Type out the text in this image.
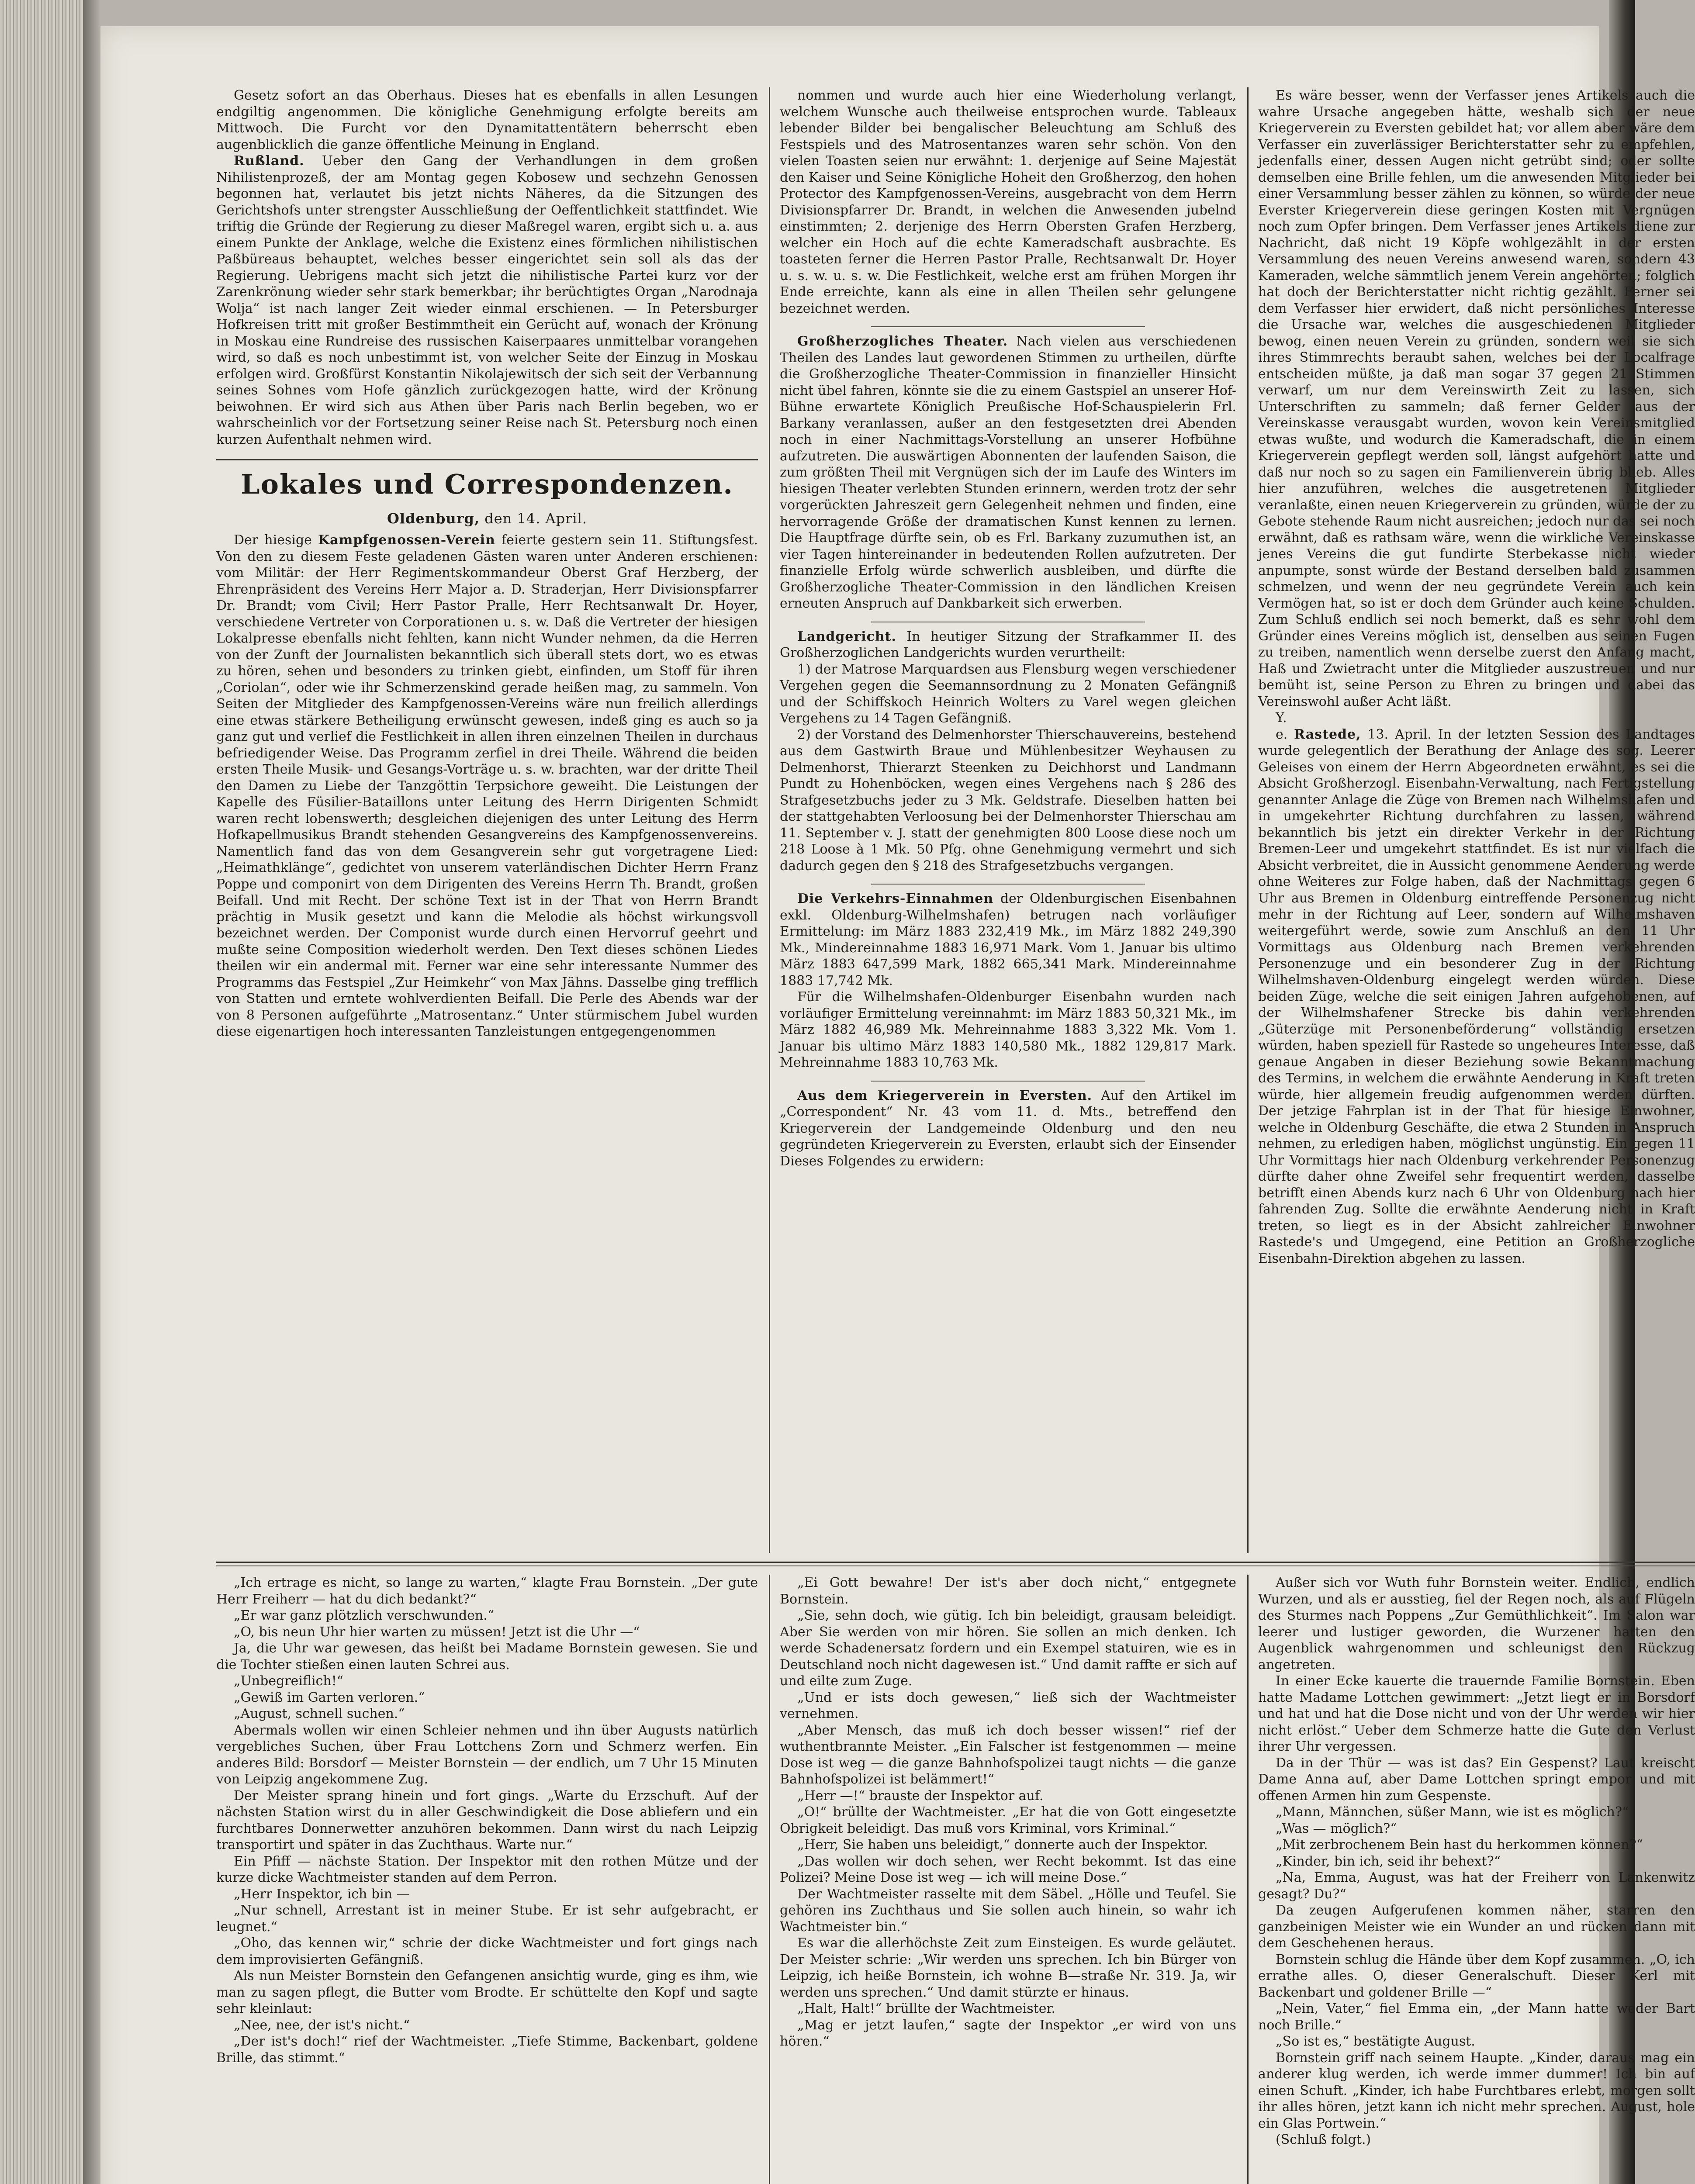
Gesetz sofort an das Oberhaus. Dieses hat es ebenfalls in allen Lesungen endgiltig angenommen. Die königliche Genehmigung erfolgte bereits am Mittwoch. Die Furcht vor den Dynamitattentätern beherrscht eben augenblicklich die ganze öffentliche Meinung in England.

Rußland. Ueber den Gang der Verhandlungen in dem großen Nihilistenprozeß, der am Montag gegen Kobosew und sechzehn Genossen begonnen hat, verlautet bis jetzt nichts Näheres, da die Sitzungen des Gerichtshofs unter strengster Ausschließung der Oeffentlichkeit stattfindet. Wie triftig die Gründe der Regierung zu dieser Maßregel waren, ergibt sich u. a. aus einem Punkte der Anklage, welche die Existenz eines förmlichen nihilistischen Paßbüreaus behauptet, welches besser eingerichtet sein soll als das der Regierung. Uebrigens macht sich jetzt die nihilistische Partei kurz vor der Zarenkrönung wieder sehr stark bemerkbar; ihr berüchtigtes Organ „Narodnaja Wolja“ ist nach langer Zeit wieder einmal erschienen. — In Petersburger Hofkreisen tritt mit großer Bestimmtheit ein Gerücht auf, wonach der Krönung in Moskau eine Rundreise des russischen Kaiserpaares unmittelbar vorangehen wird, so daß es noch unbestimmt ist, von welcher Seite der Einzug in Moskau erfolgen wird. Großfürst Konstantin Nikolajewitsch der sich seit der Verbannung seines Sohnes vom Hofe gänzlich zurückgezogen hatte, wird der Krönung beiwohnen. Er wird sich aus Athen über Paris nach Berlin begeben, wo er wahrscheinlich vor der Fortsetzung seiner Reise nach St. Petersburg noch einen kurzen Aufenthalt nehmen wird.

Lokales und Correspondenzen.
Oldenburg, den 14. April.

Der hiesige Kampfgenossen-Verein feierte gestern sein 11. Stiftungsfest. Von den zu diesem Feste geladenen Gästen waren unter Anderen erschienen: vom Militär: der Herr Regimentskommandeur Oberst Graf Herzberg, der Ehrenpräsident des Vereins Herr Major a. D. Straderjan, Herr Divisionspfarrer Dr. Brandt; vom Civil; Herr Pastor Pralle, Herr Rechtsanwalt Dr. Hoyer, verschiedene Vertreter von Corporationen u. s. w. Daß die Vertreter der hiesigen Lokalpresse ebenfalls nicht fehlten, kann nicht Wunder nehmen, da die Herren von der Zunft der Journalisten bekanntlich sich überall stets dort, wo es etwas zu hören, sehen und besonders zu trinken giebt, einfinden, um Stoff für ihren „Coriolan“, oder wie ihr Schmerzenskind gerade heißen mag, zu sammeln. Von Seiten der Mitglieder des Kampfgenossen-Vereins wäre nun freilich allerdings eine etwas stärkere Betheiligung erwünscht gewesen, indeß ging es auch so ja ganz gut und verlief die Festlichkeit in allen ihren einzelnen Theilen in durchaus befriedigender Weise. Das Programm zerfiel in drei Theile. Während die beiden ersten Theile Musik- und Gesangs-Vorträge u. s. w. brachten, war der dritte Theil den Damen zu Liebe der Tanzgöttin Terpsichore geweiht. Die Leistungen der Kapelle des Füsilier-Bataillons unter Leitung des Herrn Dirigenten Schmidt waren recht lobenswerth; desgleichen diejenigen des unter Leitung des Herrn Hofkapellmusikus Brandt stehenden Gesangvereins des Kampfgenossenvereins. Namentlich fand das von dem Gesangverein sehr gut vorgetragene Lied: „Heimathklänge“, gedichtet von unserem vaterländischen Dichter Herrn Franz Poppe und componirt von dem Dirigenten des Vereins Herrn Th. Brandt, großen Beifall. Und mit Recht. Der schöne Text ist in der That von Herrn Brandt prächtig in Musik gesetzt und kann die Melodie als höchst wirkungsvoll bezeichnet werden. Der Componist wurde durch einen Hervorruf geehrt und mußte seine Composition wiederholt werden. Den Text dieses schönen Liedes theilen wir ein andermal mit. Ferner war eine sehr interessante Nummer des Programms das Festspiel „Zur Heimkehr“ von Max Jähns. Dasselbe ging trefflich von Statten und erntete wohlverdienten Beifall. Die Perle des Abends war der von 8 Personen aufgeführte „Matrosentanz.“ Unter stürmischem Jubel wurden diese eigenartigen hoch interessanten Tanzleistungen entgegengenommen

nommen und wurde auch hier eine Wiederholung verlangt, welchem Wunsche auch theilweise entsprochen wurde. Tableaux lebender Bilder bei bengalischer Beleuchtung am Schluß des Festspiels und des Matrosentanzes waren sehr schön. Von den vielen Toasten seien nur erwähnt: 1. derjenige auf Seine Majestät den Kaiser und Seine Königliche Hoheit den Großherzog, den hohen Protector des Kampfgenossen-Vereins, ausgebracht von dem Herrn Divisionspfarrer Dr. Brandt, in welchen die Anwesenden jubelnd einstimmten; 2. derjenige des Herrn Obersten Grafen Herzberg, welcher ein Hoch auf die echte Kameradschaft ausbrachte. Es toasteten ferner die Herren Pastor Pralle, Rechtsanwalt Dr. Hoyer u. s. w. u. s. w. Die Festlichkeit, welche erst am frühen Morgen ihr Ende erreichte, kann als eine in allen Theilen sehr gelungene bezeichnet werden.

Großherzogliches Theater. Nach vielen aus verschiedenen Theilen des Landes laut gewordenen Stimmen zu urtheilen, dürfte die Großherzogliche Theater-Commission in finanzieller Hinsicht nicht übel fahren, könnte sie die zu einem Gastspiel an unserer Hof-Bühne erwartete Königlich Preußische Hof-Schauspielerin Frl. Barkany veranlassen, außer an den festgesetzten drei Abenden noch in einer Nachmittags-Vorstellung an unserer Hofbühne aufzutreten. Die auswärtigen Abonnenten der laufenden Saison, die zum größten Theil mit Vergnügen sich der im Laufe des Winters im hiesigen Theater verlebten Stunden erinnern, werden trotz der sehr vorgerückten Jahreszeit gern Gelegenheit nehmen und finden, eine hervorragende Größe der dramatischen Kunst kennen zu lernen. Die Hauptfrage dürfte sein, ob es Frl. Barkany zuzumuthen ist, an vier Tagen hintereinander in bedeutenden Rollen aufzutreten. Der finanzielle Erfolg würde schwerlich ausbleiben, und dürfte die Großherzogliche Theater-Commission in den ländlichen Kreisen erneuten Anspruch auf Dankbarkeit sich erwerben.

Landgericht. In heutiger Sitzung der Strafkammer II. des Großherzoglichen Landgerichts wurden verurtheilt:

1) der Matrose Marquardsen aus Flensburg wegen verschiedener Vergehen gegen die Seemannsordnung zu 2 Monaten Gefängniß und der Schiffskoch Heinrich Wolters zu Varel wegen gleichen Vergehens zu 14 Tagen Gefängniß.

2) der Vorstand des Delmenhorster Thierschauvereins, bestehend aus dem Gastwirth Braue und Mühlenbesitzer Weyhausen zu Delmenhorst, Thierarzt Steenken zu Deichhorst und Landmann Pundt zu Hohenböcken, wegen eines Vergehens nach § 286 des Strafgesetzbuchs jeder zu 3 Mk. Geldstrafe. Dieselben hatten bei der stattgehabten Verloosung bei der Delmenhorster Thierschau am 11. September v. J. statt der genehmigten 800 Loose diese noch um 218 Loose à 1 Mk. 50 Pfg. ohne Genehmigung vermehrt und sich dadurch gegen den § 218 des Strafgesetzbuchs vergangen.

Die Verkehrs-Einnahmen der Oldenburgischen Eisenbahnen exkl. Oldenburg-Wilhelmshafen) betrugen nach vorläufiger Ermittelung: im März 1883 232,419 Mk., im März 1882 249,390 Mk., Mindereinnahme 1883 16,971 Mark. Vom 1. Januar bis ultimo März 1883 647,599 Mark, 1882 665,341 Mark. Mindereinnahme 1883 17,742 Mk.

Für die Wilhelmshafen-Oldenburger Eisenbahn wurden nach vorläufiger Ermittelung vereinnahmt: im März 1883 50,321 Mk., im März 1882 46,989 Mk. Mehreinnahme 1883 3,322 Mk. Vom 1. Januar bis ultimo März 1883 140,580 Mk., 1882 129,817 Mark. Mehreinnahme 1883 10,763 Mk.

Aus dem Kriegerverein in Eversten. Auf den Artikel im „Correspondent“ Nr. 43 vom 11. d. Mts., betreffend den Kriegerverein der Landgemeinde Oldenburg und den neu gegründeten Kriegerverein zu Eversten, erlaubt sich der Einsender Dieses Folgendes zu erwidern:

Es wäre besser, wenn der Verfasser jenes Artikels auch die wahre Ursache angegeben hätte, weshalb sich der neue Kriegerverein zu Eversten gebildet hat; vor allem aber wäre dem Verfasser ein zuverlässiger Berichterstatter sehr zu empfehlen, jedenfalls einer, dessen Augen nicht getrübt sind; oder sollte demselben eine Brille fehlen, um die anwesenden Mitglieder bei einer Versammlung besser zählen zu können, so würde der neue Everster Kriegerverein diese geringen Kosten mit Vergnügen noch zum Opfer bringen. Dem Verfasser jenes Artikels diene zur Nachricht, daß nicht 19 Köpfe wohlgezählt in der ersten Versammlung des neuen Vereins anwesend waren, sondern 43 Kameraden, welche sämmtlich jenem Verein angehörten; folglich hat doch der Berichterstatter nicht richtig gezählt. Ferner sei dem Verfasser hier erwidert, daß nicht persönliches Interesse die Ursache war, welches die ausgeschiedenen Mitglieder bewog, einen neuen Verein zu gründen, sondern weil sie sich ihres Stimmrechts beraubt sahen, welches bei der Localfrage entscheiden müßte, ja daß man sogar 37 gegen 21 Stimmen verwarf, um nur dem Vereinswirth Zeit zu lassen, sich Unterschriften zu sammeln; daß ferner Gelder aus der Vereinskasse verausgabt wurden, wovon kein Vereinsmitglied etwas wußte, und wodurch die Kameradschaft, die in einem Kriegerverein gepflegt werden soll, längst aufgehört hatte und daß nur noch so zu sagen ein Familienverein übrig blieb. Alles hier anzuführen, welches die ausgetretenen Mitglieder veranlaßte, einen neuen Kriegerverein zu gründen, würde der zu Gebote stehende Raum nicht ausreichen; jedoch nur das sei noch erwähnt, daß es rathsam wäre, wenn die wirkliche Vereinskasse jenes Vereins die gut fundirte Sterbekasse nicht wieder anpumpte, sonst würde der Bestand derselben bald zusammen schmelzen, und wenn der neu gegründete Verein auch kein Vermögen hat, so ist er doch dem Gründer auch keine Schulden. Zum Schluß endlich sei noch bemerkt, daß es sehr wohl dem Gründer eines Vereins möglich ist, denselben aus seinen Fugen zu treiben, namentlich wenn derselbe zuerst den Anfang macht, Haß und Zwietracht unter die Mitglieder auszustreuen und nur bemüht ist, seine Person zu Ehren zu bringen und dabei das Vereinswohl außer Acht läßt.

Y.

e. Rastede, 13. April. In der letzten Session des Landtages wurde gelegentlich der Berathung der Anlage des sog. Leerer Geleises von einem der Herrn Abgeordneten erwähnt, es sei die Absicht Großherzogl. Eisenbahn-Verwaltung, nach Fertigstellung genannter Anlage die Züge von Bremen nach Wilhelmshafen und in umgekehrter Richtung durchfahren zu lassen, während bekanntlich bis jetzt ein direkter Verkehr in der Richtung Bremen-Leer und umgekehrt stattfindet. Es ist nur vielfach die Absicht verbreitet, die in Aussicht genommene Aenderung werde ohne Weiteres zur Folge haben, daß der Nachmittags gegen 6 Uhr aus Bremen in Oldenburg eintreffende Personenzug nicht mehr in der Richtung auf Leer, sondern auf Wilhelmshaven weitergeführt werde, sowie zum Anschluß an den 11 Uhr Vormittags aus Oldenburg nach Bremen verkehrenden Personenzuge und ein besonderer Zug in der Richtung Wilhelmshaven-Oldenburg eingelegt werden würden. Diese beiden Züge, welche die seit einigen Jahren aufgehobenen, auf der Wilhelmshafener Strecke bis dahin verkehrenden „Güterzüge mit Personenbeförderung“ vollständig ersetzen würden, haben speziell für Rastede so ungeheures Interesse, daß genaue Angaben in dieser Beziehung sowie Bekanntmachung des Termins, in welchem die erwähnte Aenderung in Kraft treten würde, hier allgemein freudig aufgenommen werden dürften. Der jetzige Fahrplan ist in der That für hiesige Einwohner, welche in Oldenburg Geschäfte, die etwa 2 Stunden in Anspruch nehmen, zu erledigen haben, möglichst ungünstig. Ein gegen 11 Uhr Vormittags hier nach Oldenburg verkehrender Personenzug dürfte daher ohne Zweifel sehr frequentirt werden, dasselbe betrifft einen Abends kurz nach 6 Uhr von Oldenburg nach hier fahrenden Zug. Sollte die erwähnte Aenderung nicht in Kraft treten, so liegt es in der Absicht zahlreicher Einwohner Rastede's und Umgegend, eine Petition an Großherzogliche Eisenbahn-Direktion abgehen zu lassen.

„Ich ertrage es nicht, so lange zu warten,“ klagte Frau Bornstein. „Der gute Herr Freiherr — hat du dich bedankt?“

„Er war ganz plötzlich verschwunden.“

„O, bis neun Uhr hier warten zu müssen! Jetzt ist die Uhr —“

Ja, die Uhr war gewesen, das heißt bei Madame Bornstein gewesen. Sie und die Tochter stießen einen lauten Schrei aus.

„Unbegreiflich!“

„Gewiß im Garten verloren.“

„August, schnell suchen.“

Abermals wollen wir einen Schleier nehmen und ihn über Augusts natürlich vergebliches Suchen, über Frau Lottchens Zorn und Schmerz werfen. Ein anderes Bild: Borsdorf — Meister Bornstein — der endlich, um 7 Uhr 15 Minuten von Leipzig angekommene Zug.

Der Meister sprang hinein und fort gings. „Warte du Erzschuft. Auf der nächsten Station wirst du in aller Geschwindigkeit die Dose abliefern und ein furchtbares Donnerwetter anzuhören bekommen. Dann wirst du nach Leipzig transportirt und später in das Zuchthaus. Warte nur.“

Ein Pfiff — nächste Station. Der Inspektor mit den rothen Mütze und der kurze dicke Wachtmeister standen auf dem Perron.

„Herr Inspektor, ich bin —

„Nur schnell, Arrestant ist in meiner Stube. Er ist sehr aufgebracht, er leugnet.“

„Oho, das kennen wir,“ schrie der dicke Wachtmeister und fort gings nach dem improvisierten Gefängniß.

Als nun Meister Bornstein den Gefangenen ansichtig wurde, ging es ihm, wie man zu sagen pflegt, die Butter vom Brodte. Er schüttelte den Kopf und sagte sehr kleinlaut:

„Nee, nee, der ist's nicht.“

„Der ist's doch!“ rief der Wachtmeister. „Tiefe Stimme, Backenbart, goldene Brille, das stimmt.“

„Ei Gott bewahre! Der ist's aber doch nicht,“ entgegnete Bornstein.

„Sie, sehn doch, wie gütig. Ich bin beleidigt, grausam beleidigt. Aber Sie werden von mir hören. Sie sollen an mich denken. Ich werde Schadenersatz fordern und ein Exempel statuiren, wie es in Deutschland noch nicht dagewesen ist.“ Und damit raffte er sich auf und eilte zum Zuge.

„Und er ists doch gewesen,“ ließ sich der Wachtmeister vernehmen.

„Aber Mensch, das muß ich doch besser wissen!“ rief der wuthentbrannte Meister. „Ein Falscher ist festgenommen — meine Dose ist weg — die ganze Bahnhofspolizei taugt nichts — die ganze Bahnhofspolizei ist belämmert!“

„Herr —!“ brauste der Inspektor auf.

„O!“ brüllte der Wachtmeister. „Er hat die von Gott eingesetzte Obrigkeit beleidigt. Das muß vors Kriminal, vors Kriminal.“

„Herr, Sie haben uns beleidigt,“ donnerte auch der Inspektor.

„Das wollen wir doch sehen, wer Recht bekommt. Ist das eine Polizei? Meine Dose ist weg — ich will meine Dose.“

Der Wachtmeister rasselte mit dem Säbel. „Hölle und Teufel. Sie gehören ins Zuchthaus und Sie sollen auch hinein, so wahr ich Wachtmeister bin.“

Es war die allerhöchste Zeit zum Einsteigen. Es wurde geläutet. Der Meister schrie: „Wir werden uns sprechen. Ich bin Bürger von Leipzig, ich heiße Bornstein, ich wohne B—straße Nr. 319. Ja, wir werden uns sprechen.“ Und damit stürzte er hinaus.

„Halt, Halt!“ brüllte der Wachtmeister.

„Mag er jetzt laufen,“ sagte der Inspektor „er wird von uns hören.“

Außer sich vor Wuth fuhr Bornstein weiter. Endlich, endlich Wurzen, und als er ausstieg, fiel der Regen noch, als auf Flügeln des Sturmes nach Poppens „Zur Gemüthlichkeit“. Im Salon war leerer und lustiger geworden, die Wurzener hatten den Augenblick wahrgenommen und schleunigst den Rückzug angetreten.

In einer Ecke kauerte die trauernde Familie Bornstein. Eben hatte Madame Lottchen gewimmert: „Jetzt liegt er in Borsdorf und hat und hat die Dose nicht und von der Uhr werden wir hier nicht erlöst.“ Ueber dem Schmerze hatte die Gute den Verlust ihrer Uhr vergessen.

Da in der Thür — was ist das? Ein Gespenst? Laut kreischt Dame Anna auf, aber Dame Lottchen springt empor und mit offenen Armen hin zum Gespenste.

„Mann, Männchen, süßer Mann, wie ist es möglich?“

„Was — möglich?“

„Mit zerbrochenem Bein hast du herkommen können?“

„Kinder, bin ich, seid ihr behext?“

„Na, Emma, August, was hat der Freiherr von Lankenwitz gesagt? Du?“

Da zeugen Aufgerufenen kommen näher, starren den ganzbeinigen Meister wie ein Wunder an und rücken dann mit dem Geschehenen heraus.

Bornstein schlug die Hände über dem Kopf zusammen. „O, ich errathe alles. O, dieser Generalschuft. Dieser Kerl mit Backenbart und goldener Brille —“

„Nein, Vater,“ fiel Emma ein, „der Mann hatte weder Bart noch Brille.“

„So ist es,“ bestätigte August.

Bornstein griff nach seinem Haupte. „Kinder, daraus mag ein anderer klug werden, ich werde immer dummer! Ich bin auf einen Schuft. „Kinder, ich habe Furchtbares erlebt, morgen sollt ihr alles hören, jetzt kann ich nicht mehr sprechen. August, hole ein Glas Portwein.“

(Schluß folgt.)
